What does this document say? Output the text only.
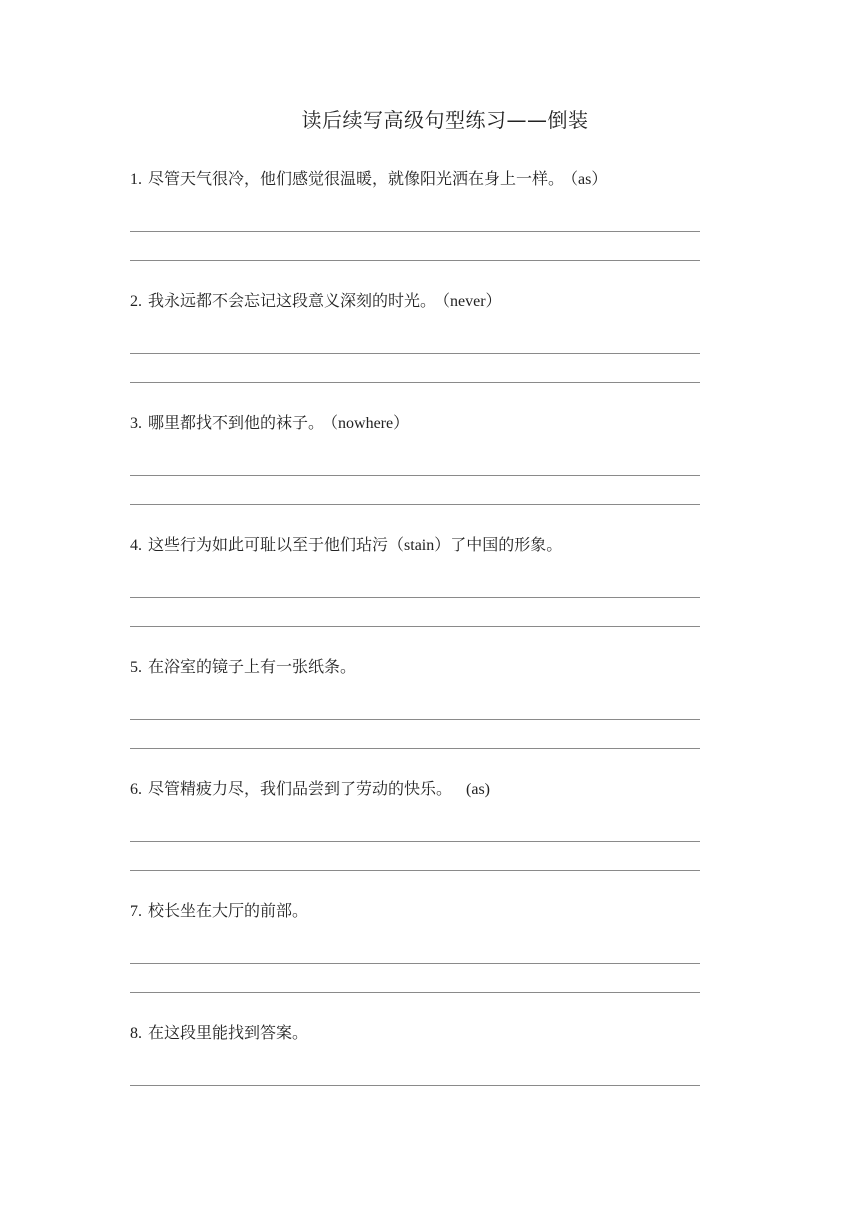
读后续写高级句型练习——倒装
1. 尽管天气很冷，他们感觉很温暖，就像阳光洒在身上一样。 （as）
2. 我永远都不会忘记这段意义深刻的时光。 （never）
3. 哪里都找不到他的袜子。 （nowhere）
4. 这些行为如此可耻以至于他们玷污（stain）了中国的形象。
5. 在浴室的镜子上有一张纸条。
6. 尽管精疲力尽，我们品尝到了劳动的快乐。 (as)
7. 校长坐在大厅的前部。
8. 在这段里能找到答案。
